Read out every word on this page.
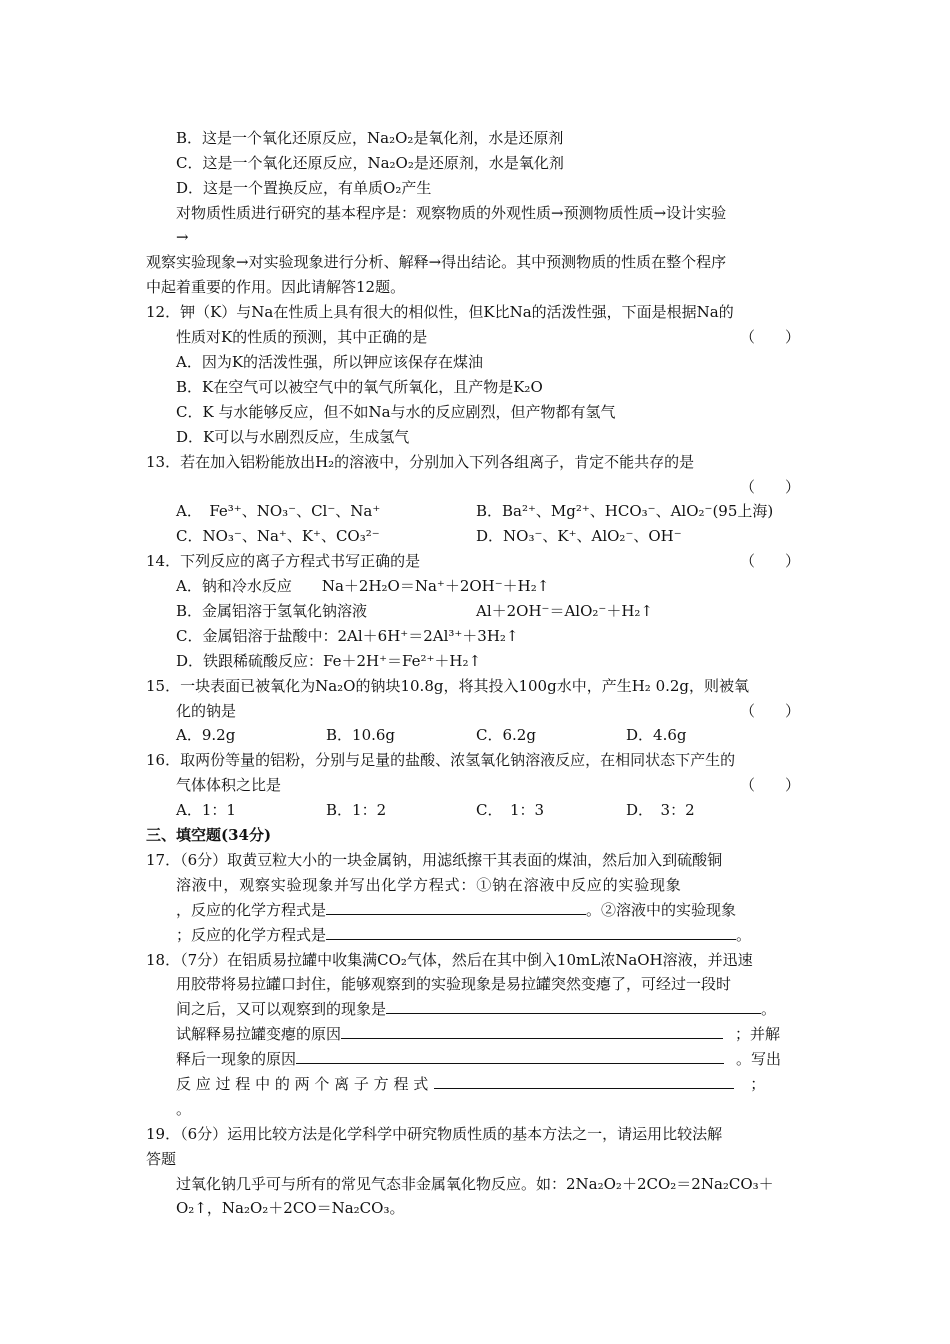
B．这是一个氧化还原反应，Na₂O₂是氧化剂，水是还原剂
C．这是一个氧化还原反应，Na₂O₂是还原剂，水是氧化剂
D．这是一个置换反应，有单质O₂产生
对物质性质进行研究的基本程序是：观察物质的外观性质→预测物质性质→设计实验
→
观察实验现象→对实验现象进行分析、解释→得出结论。其中预测物质的性质在整个程序
中起着重要的作用。因此请解答12题。
12．钾（K）与Na在性质上具有很大的相似性，但K比Na的活泼性强，下面是根据Na的
性质对K的性质的预测，其中正确的是	（　　）
A．因为K的活泼性强，所以钾应该保存在煤油
B．K在空气可以被空气中的氧气所氧化，且产物是K₂O
C．K 与水能够反应，但不如Na与水的反应剧烈，但产物都有氢气
D．K可以与水剧烈反应，生成氢气
13．若在加入铝粉能放出H₂的溶液中，分别加入下列各组离子，肯定不能共存的是
（　　）
A．　Fe³⁺、NO₃⁻、Cl⁻、Na⁺	B．Ba²⁺、Mg²⁺、HCO₃⁻、AlO₂⁻(95上海)
C．NO₃⁻、Na⁺、K⁺、CO₃²⁻	D．NO₃⁻、K⁺、AlO₂⁻、OH⁻
14．下列反应的离子方程式书写正确的是	（　　）
A．钠和冷水反应　　Na＋2H₂O＝Na⁺＋2OH⁻＋H₂↑
B．金属铝溶于氢氧化钠溶液	Al＋2OH⁻＝AlO₂⁻＋H₂↑
C．金属铝溶于盐酸中：2Al＋6H⁺＝2Al³⁺＋3H₂↑
D．铁跟稀硫酸反应：Fe＋2H⁺＝Fe²⁺＋H₂↑
15．一块表面已被氧化为Na₂O的钠块10.8g，将其投入100g水中，产生H₂ 0.2g，则被氧
化的钠是	（　　）
A．9.2g	B．10.6g	C．6.2g	D．4.6g
16．取两份等量的铝粉，分别与足量的盐酸、浓氢氧化钠溶液反应，在相同状态下产生的
气体体积之比是	（　　）
A．1：1	B．1：2	C．　1：3	D．　3：2
三、填空题(34分)
17．（6分）取黄豆粒大小的一块金属钠，用滤纸擦干其表面的煤油，然后加入到硫酸铜
溶液中，观察实验现象并写出化学方程式：①钠在溶液中反应的实验现象
，反应的化学方程式是	。②溶液中的实验现象
；反应的化学方程式是	。
18．（7分）在铝质易拉罐中收集满CO₂气体，然后在其中倒入10mL浓NaOH溶液，并迅速
用胶带将易拉罐口封住，能够观察到的实验现象是易拉罐突然变瘪了，可经过一段时
间之后，又可以观察到的现象是	。
试解释易拉罐变瘪的原因	；并解
释后一现象的原因	。写出
反 应 过 程 中 的 两 个 离 子 方 程 式	；
。
19．（6分）运用比较方法是化学科学中研究物质性质的基本方法之一，请运用比较法解
答题
过氧化钠几乎可与所有的常见气态非金属氧化物反应。如：2Na₂O₂＋2CO₂＝2Na₂CO₃＋
O₂↑，Na₂O₂＋2CO＝Na₂CO₃。
